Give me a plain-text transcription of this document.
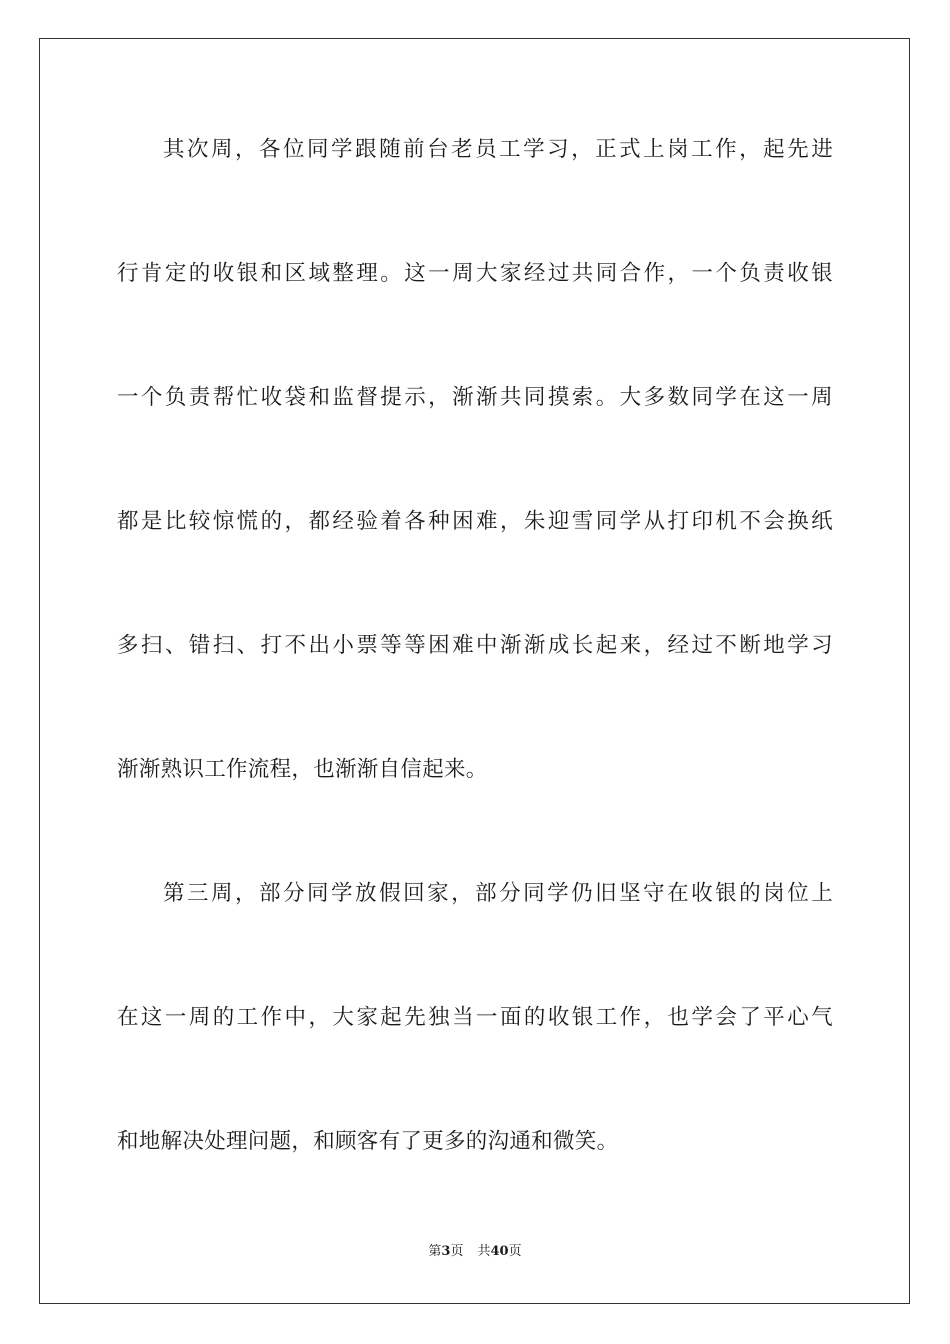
其次周，各位同学跟随前台老员工学习，正式上岗工作，起先进
行肯定的收银和区域整理。这一周大家经过共同合作，一个负责收银
一个负责帮忙收袋和监督提示，渐渐共同摸索。大多数同学在这一周
都是比较惊慌的，都经验着各种困难，朱迎雪同学从打印机不会换纸
多扫、错扫、打不出小票等等困难中渐渐成长起来，经过不断地学习
渐渐熟识工作流程，也渐渐自信起来。
第三周，部分同学放假回家，部分同学仍旧坚守在收银的岗位上
在这一周的工作中，大家起先独当一面的收银工作，也学会了平心气
和地解决处理问题，和顾客有了更多的沟通和微笑。
第3页 共40页
